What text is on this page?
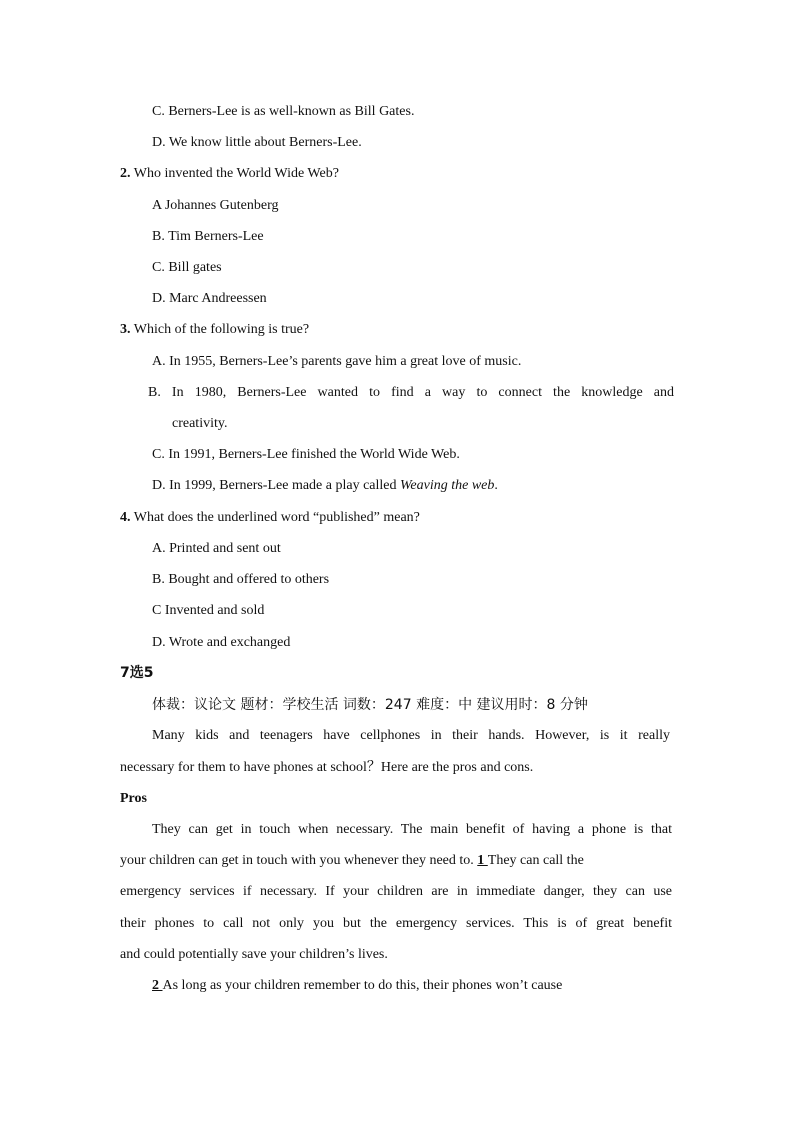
C. Berners-Lee is as well-known as Bill Gates.
D. We know little about Berners-Lee.
2. Who invented the World Wide Web?
A Johannes Gutenberg
B. Tim Berners-Lee
C. Bill gates
D. Marc Andreessen
3. Which of the following is true?
A. In 1955, Berners-Lee’s parents gave him a great love of music.
B. In 1980, Berners-Lee wanted to find a way to connect the knowledge and
creativity.
C. In 1991, Berners-Lee finished the World Wide Web.
D. In 1999, Berners-Lee made a play called Weaving the web.
4. What does the underlined word “published” mean?
A. Printed and sent out
B. Bought and offered to others
C Invented and sold
D. Wrote and exchanged
7选5
体裁：议论文 题材：学校生活 词数：247 难度：中 建议用时：8 分钟
Many kids and teenagers have cellphones in their hands. However, is it really
necessary for them to have phones at school？Here are the pros and cons.
Pros
They can get in touch when necessary. The main benefit of having a phone is that
your children can get in touch with you whenever they need to. 1 They can call the
emergency services if necessary. If your children are in immediate danger, they can use
their phones to call not only you but the emergency services. This is of great benefit
and could potentially save your children’s lives.
2 As long as your children remember to do this, their phones won’t cause
